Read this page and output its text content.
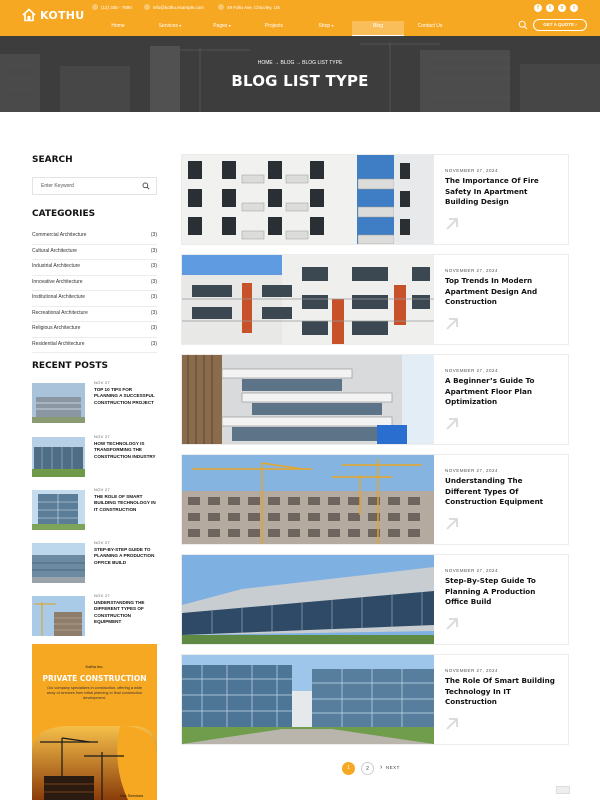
KOTHU
(12) 345 - 7890	info@kothu.example.com	49 Folio Ave, Chicoley, US	f	t	x	i
Home	Services ▾	Pages ▾	Projects	Shop ▾	Blog	Contact Us	GET A QUOTE ›
HOME → BLOG → BLOG LIST TYPE
BLOG LIST TYPE
SEARCH
Enter Keyword
CATEGORIES
Commercial Architecture	(3)
Cultural Architecture	(3)
Industrial Architecture	(3)
Innovative Architecture	(3)
Institutional Architecture	(3)
Recreational Architecture	(3)
Religious Architecture	(3)
Residential Architecture	(3)
RECENT POSTS
NOV 27
TOP 10 TIPS FOR PLANNING A SUCCESSFUL CONSTRUCTION PROJECT
NOV 27
HOW TECHNOLOGY IS TRANSFORMING THE CONSTRUCTION INDUSTRY
NOV 27
THE ROLE OF SMART BUILDING TECHNOLOGY IN IT CONSTRUCTION
NOV 27
STEP-BY-STEP GUIDE TO PLANNING A PRODUCTION OFFICE BUILD
NOV 27
UNDERSTANDING THE DIFFERENT TYPES OF CONSTRUCTION EQUIPMENT
Kothu Inc.
PRIVATE CONSTRUCTION
Our company specializes in construction, offering a wide array of services from initial planning to final construction development.
Our Services
NOVEMBER 27, 2024
The Importance Of Fire Safety In Apartment Building Design
NOVEMBER 27, 2024
Top Trends In Modern Apartment Design And Construction
NOVEMBER 27, 2024
A Beginner’s Guide To Apartment Floor Plan Optimization
NOVEMBER 27, 2024
Understanding The Different Types Of Construction Equipment
NOVEMBER 27, 2024
Step-By-Step Guide To Planning A Production Office Build
NOVEMBER 27, 2024
The Role Of Smart Building Technology In IT Construction
1	2	› NEXT
